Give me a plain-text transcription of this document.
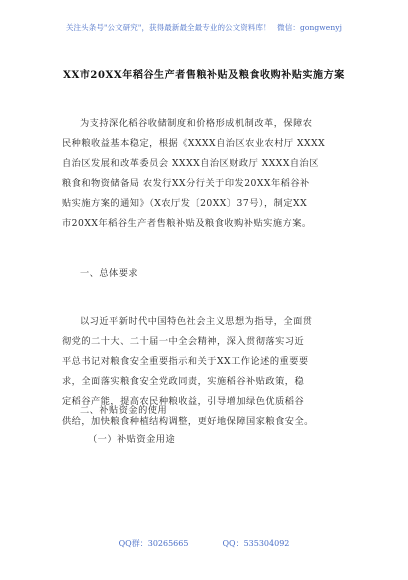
关注头条号"公文研究"，获得最新最全最专业的公文资料库！ 微信：gongwenyj
XX市20XX年稻谷生产者售粮补贴及粮食收购补贴实施方案
为支持深化稻谷收储制度和价格形成机制改革，保障农
民种粮收益基本稳定，根据《XXXX自治区农业农村厅 XXXX
自治区发展和改革委员会 XXXX自治区财政厅 XXXX自治区
粮食和物资储备局 农发行XX分行关于印发20XX年稻谷补
贴实施方案的通知》（X农厅发〔20XX〕37号），制定XX
市20XX年稻谷生产者售粮补贴及粮食收购补贴实施方案。
一、总体要求
以习近平新时代中国特色社会主义思想为指导，全面贯
彻党的二十大、二十届一中全会精神，深入贯彻落实习近
平总书记对粮食安全重要指示和关于XX工作论述的重要要
求，全面落实粮食安全党政同责，实施稻谷补贴政策，稳
定稻谷产能，提高农民种粮收益，引导增加绿色优质稻谷
供给，加快粮食种植结构调整，更好地保障国家粮食安全。
二、补贴资金的使用
（一）补贴资金用途
QQ群：30265665	QQ：535304092
